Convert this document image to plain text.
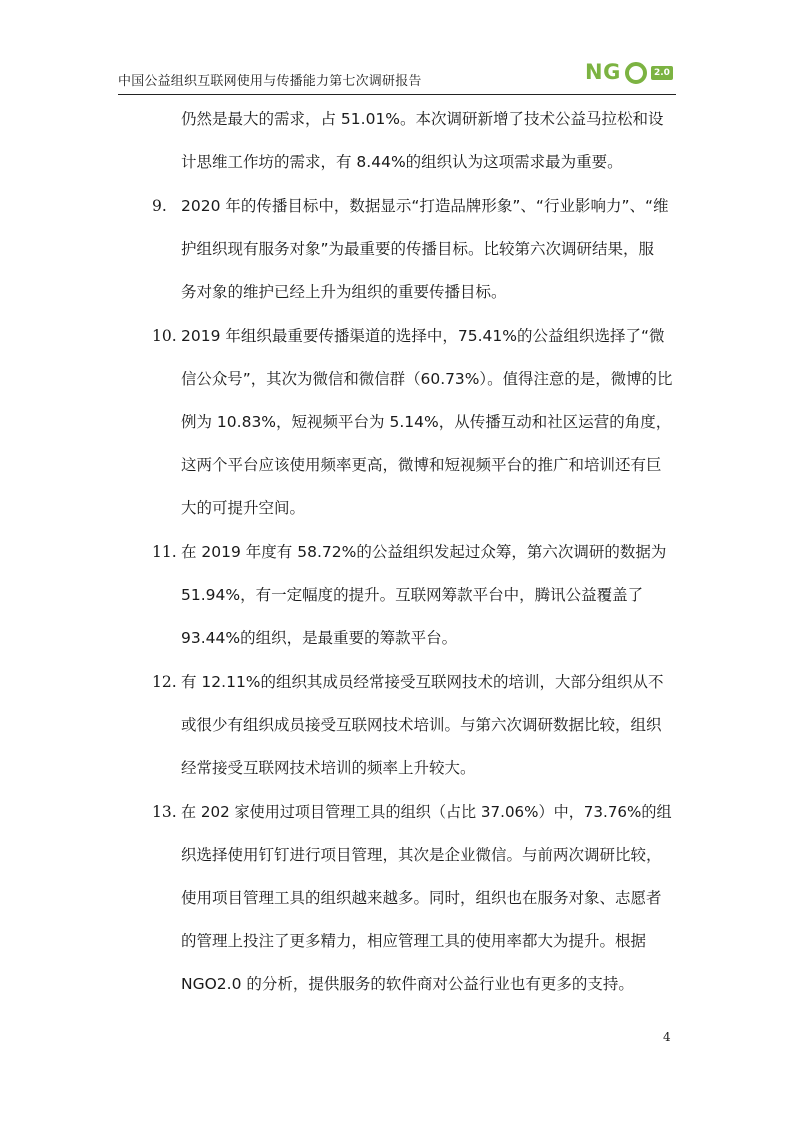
中国公益组织互联网使用与传播能力第七次调研报告	NG	2.0
仍然是最大的需求，占 51.01%。本次调研新增了技术公益马拉松和设
计思维工作坊的需求，有 8.44%的组织认为这项需求最为重要。
9. 2020 年的传播目标中，数据显示“打造品牌形象”、“行业影响力”、“维
护组织现有服务对象”为最重要的传播目标。比较第六次调研结果，服
务对象的维护已经上升为组织的重要传播目标。
10. 2019 年组织最重要传播渠道的选择中，75.41%的公益组织选择了“微
信公众号”，其次为微信和微信群（60.73%）。值得注意的是，微博的比
例为 10.83%，短视频平台为 5.14%，从传播互动和社区运营的角度，
这两个平台应该使用频率更高，微博和短视频平台的推广和培训还有巨
大的可提升空间。
11. 在 2019 年度有 58.72%的公益组织发起过众筹，第六次调研的数据为
51.94%，有一定幅度的提升。互联网筹款平台中，腾讯公益覆盖了
93.44%的组织，是最重要的筹款平台。
12. 有 12.11%的组织其成员经常接受互联网技术的培训，大部分组织从不
或很少有组织成员接受互联网技术培训。与第六次调研数据比较，组织
经常接受互联网技术培训的频率上升较大。
13. 在 202 家使用过项目管理工具的组织（占比 37.06%）中，73.76%的组
织选择使用钉钉进行项目管理，其次是企业微信。与前两次调研比较，
使用项目管理工具的组织越来越多。同时，组织也在服务对象、志愿者
的管理上投注了更多精力，相应管理工具的使用率都大为提升。根据
NGO2.0 的分析，提供服务的软件商对公益行业也有更多的支持。
4
